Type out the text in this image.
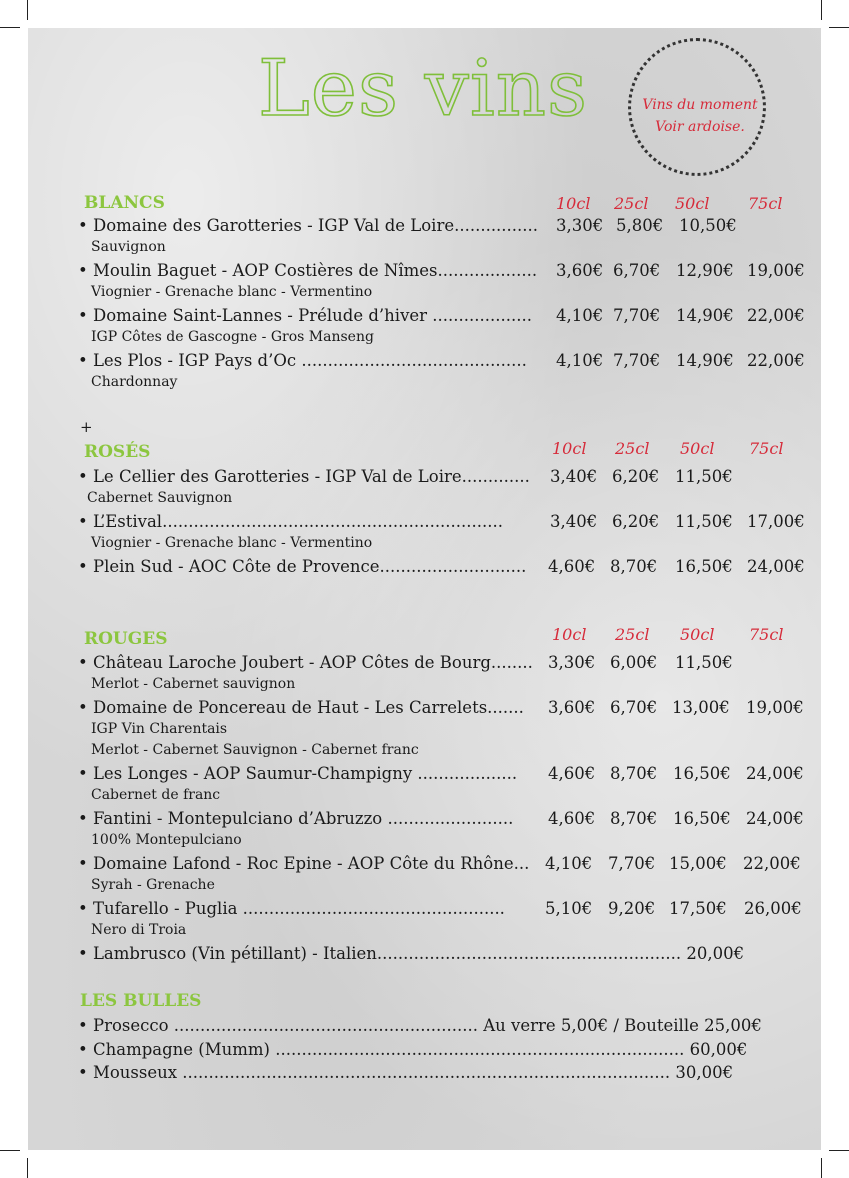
Les vins	Vins du moment
Voir ardoise.
BLANCS	10cl 25cl 50cl 75cl
• Domaine des Garotteries - IGP Val de Loire................ 3,30€ 5,80€ 10,50€
Sauvignon
• Moulin Baguet - AOP Costières de Nîmes................... 3,60€ 6,70€ 12,90€ 19,00€
Viognier - Grenache blanc - Vermentino
• Domaine Saint-Lannes - Prélude d’hiver ................... 4,10€ 7,70€ 14,90€ 22,00€
IGP Côtes de Gascogne - Gros Manseng
• Les Plos - IGP Pays d’Oc ........................................... 4,10€ 7,70€ 14,90€ 22,00€
Chardonnay
+
ROSÉS	10cl 25cl 50cl 75cl
• Le Cellier des Garotteries - IGP Val de Loire............. 3,40€ 6,20€ 11,50€
Cabernet Sauvignon
• L’Estival.................................................................	3,40€ 6,20€ 11,50€ 17,00€
Viognier - Grenache blanc - Vermentino
• Plein Sud - AOC Côte de Provence............................ 4,60€ 8,70€ 16,50€ 24,00€
ROUGES	10cl 25cl 50cl 75cl
• Château Laroche Joubert - AOP Côtes de Bourg........ 3,30€ 6,00€ 11,50€
Merlot - Cabernet sauvignon
• Domaine de Poncereau de Haut - Les Carrelets....... 3,60€ 6,70€ 13,00€ 19,00€
IGP Vin Charentais
Merlot - Cabernet Sauvignon - Cabernet franc
• Les Longes - AOP Saumur-Champigny ................... 4,60€ 8,70€ 16,50€ 24,00€
Cabernet de franc
• Fantini - Montepulciano d’Abruzzo ........................ 4,60€ 8,70€ 16,50€ 24,00€
100% Montepulciano
• Domaine Lafond - Roc Epine - AOP Côte du Rhône... 4,10€ 7,70€ 15,00€ 22,00€
Syrah - Grenache
• Tufarello - Puglia .................................................. 5,10€ 9,20€ 17,50€ 26,00€
Nero di Troia
• Lambrusco (Vin pétillant) - Italien.......................................................... 20,00€
LES BULLES
• Prosecco .......................................................... Au verre 5,00€ / Bouteille 25,00€
• Champagne (Mumm) .............................................................................. 60,00€
• Mousseux ............................................................................................. 30,00€
